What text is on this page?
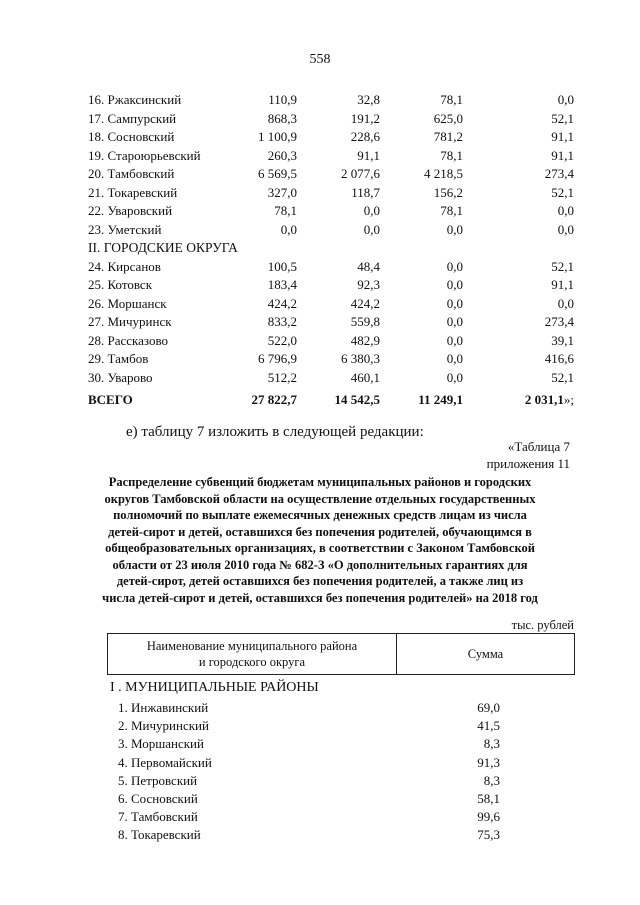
558
16. Ржаксинский	110,9	32,8	78,1	0,0
17. Сампурский	868,3	191,2	625,0	52,1
18. Сосновский	1 100,9	228,6	781,2	91,1
19. Староюрьевский	260,3	91,1	78,1	91,1
20. Тамбовский	6 569,5	2 077,6	4 218,5	273,4
21. Токаревский	327,0	118,7	156,2	52,1
22. Уваровский	78,1	0,0	78,1	0,0
23. Уметский	0,0	0,0	0,0	0,0
II. ГОРОДСКИЕ ОКРУГА
24. Кирсанов	100,5	48,4	0,0	52,1
25. Котовск	183,4	92,3	0,0	91,1
26. Моршанск	424,2	424,2	0,0	0,0
27. Мичуринск	833,2	559,8	0,0	273,4
28. Рассказово	522,0	482,9	0,0	39,1
29. Тамбов	6 796,9	6 380,3	0,0	416,6
30. Уварово	512,2	460,1	0,0	52,1
ВСЕГО	27 822,7	14 542,5	11 249,1	2 031,1»;
е) таблицу 7 изложить в следующей редакции:
«Таблица 7
приложения 11
Распределение субвенций бюджетам муниципальных районов и городских округов Тамбовской области на осуществление отдельных государственных полномочий по выплате ежемесячных денежных средств лицам из числа детей-сирот и детей, оставшихся без попечения родителей, обучающимся в общеобразовательных организациях, в соответствии с Законом Тамбовской области от 23 июля 2010 года № 682-З «О дополнительных гарантиях для детей-сирот, детей оставшихся без попечения родителей, а также лиц из числа детей-сирот и детей, оставшихся без попечения родителей» на 2018 год
тыс. рублей
Наименование муниципального района
и городского округа
	Сумма
I . МУНИЦИПАЛЬНЫЕ РАЙОНЫ
1. Инжавинский	69,0
2. Мичуринский	41,5
3. Моршанский	8,3
4. Первомайский	91,3
5. Петровский	8,3
6. Сосновский	58,1
7. Тамбовский	99,6
8. Токаревский	75,3
